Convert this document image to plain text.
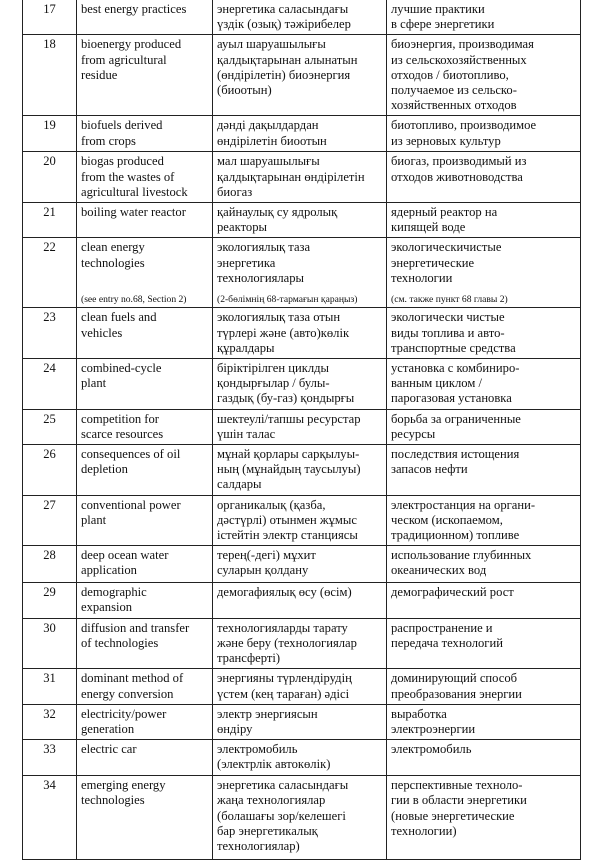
17	best energy practices	энергетика саласындағы
үздік (озық) тәжірибелер	лучшие практики
в сфере энергетики

18	bioenergy produced
from agricultural
residue	ауыл шаруашылығы
қалдықтарынан алынатын
(өндірілетін) биоэнергия
(биоотын)	биоэнергия, производимая
из сельскохозяйственных
отходов / биотопливо,
получаемое из сельско-
хозяйственных отходов

19	biofuels derived
from crops	дәнді дақылдардан
өндірілетін биоотын	биотопливо, производимое
из зерновых культур

20	biogas produced
from the wastes of
agricultural livestock	мал шаруашылығы
қалдықтарынан өндірілетін
биогаз	биогаз, производимый из
отходов животноводства

21	boiling water reactor	қайнаулық су ядролық
реакторы	ядерный реактор на
кипящей воде

22	clean energy
technologies
(see entry no.68, Section 2)	экологиялық таза
энергетика
технологиялары
(2-бөлімнің 68-тармағын қараңыз)	экологическичистые
энергетические
технологии
(см. также пункт 68 главы 2)

23	clean fuels and
vehicles	экологиялық таза отын
түрлері және (авто)көлік
құралдары	экологически чистые
виды топлива и авто-
транспортные средства

24	combined-cycle
plant	біріктірілген циклды
қондырғылар / булы-
газдық (бу-газ) қондырғы	установка с комбиниро-
ванным циклом /
парогазовая установка

25	competition for
scarce resources	шектеулі/тапшы ресурстар
үшін талас	борьба за ограниченные
ресурсы

26	consequences of oil
depletion	мұнай қорлары сарқылуы-
ның (мұнайдың таусылуы)
салдары	последствия истощения
запасов нефти

27	conventional power
plant	органикалық (қазба,
дәстүрлі) отынмен жұмыс
істейтін электр станциясы	электростанция на органи-
ческом (ископаемом,
традиционном) топливе

28	deep ocean water
application	терең(-дегі) мұхит
суларын қолдану	использование глубинных
океанических вод

29	demographic
expansion	демогафиялық өсу (өсім)	демографический рост

30	diffusion and transfer
of technologies	технологияларды тарату
және беру (технологиялар
трансферті)	распространение и
передача технологий

31	dominant method of
energy conversion	энергияны түрлендірудің
үстем (кең тараған) әдісі	доминирующий способ
преобразования энергии

32	electricity/power
generation	электр энергиясын
өндіру	выработка
электроэнергии

33	electric car	электромобиль
(электрлік автокөлік)	электромобиль

34	emerging energy
technologies	энергетика саласындағы
жаңа технологиялар
(болашағы зор/келешегі
бар энергетикалық
технологиялар)	перспективные техноло-
гии в области энергетики
(новые энергетические
технологии)
